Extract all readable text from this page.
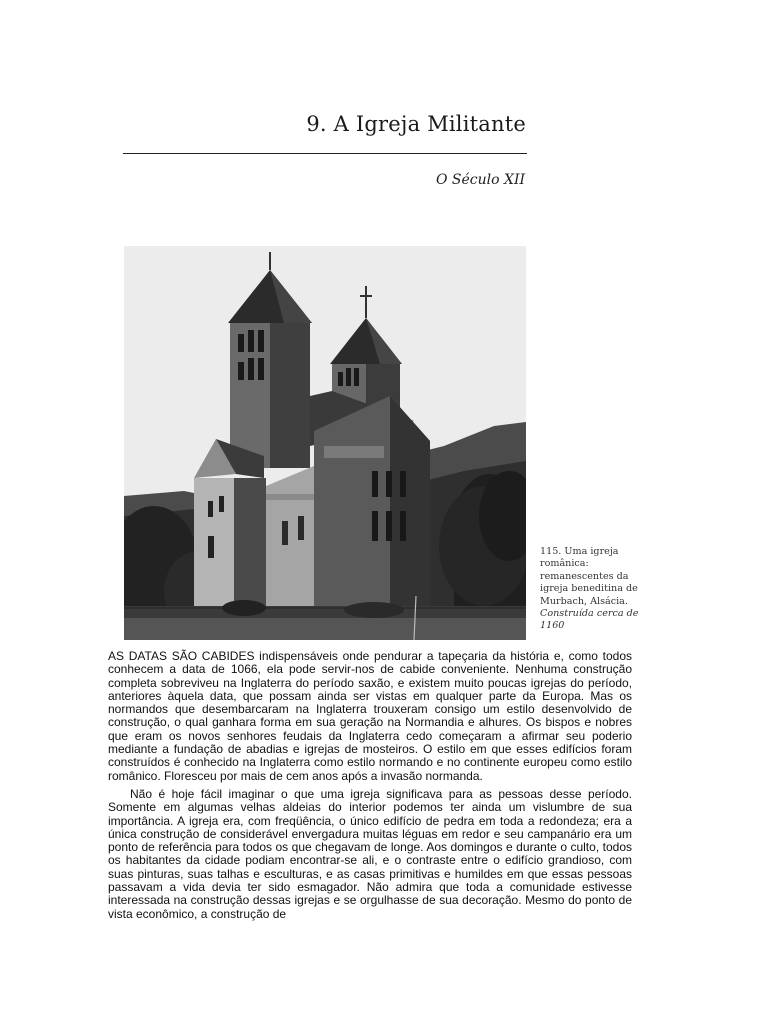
9. A Igreja Militante
O Século XII
115. Uma igreja românica: remanescentes da igreja beneditina de Murbach, Alsácia.
Construída cerca de 1160

AS DATAS SÃO CABIDES indispensáveis onde pendurar a tapeçaria da história e, como todos conhecem a data de 1066, ela pode servir-nos de cabide conveniente. Nenhuma construção completa sobreviveu na Inglaterra do período saxão, e existem muito poucas igrejas do período, anteriores àquela data, que possam ainda ser vistas em qualquer parte da Europa. Mas os normandos que desembarcaram na Inglaterra trouxeram consigo um estilo desenvolvido de construção, o qual ganhara forma em sua geração na Normandia e alhures. Os bispos e nobres que eram os novos senhores feudais da Inglaterra cedo começaram a afirmar seu poderio mediante a fundação de abadias e igrejas de mosteiros. O estilo em que esses edifícios foram construídos é conhecido na Inglaterra como estilo normando e no continente europeu como estilo românico. Floresceu por mais de cem anos após a invasão normanda.

Não é hoje fácil imaginar o que uma igreja significava para as pessoas desse período. Somente em algumas velhas aldeias do interior podemos ter ainda um vislumbre de sua importância. A igreja era, com freqüência, o único edifício de pedra em toda a redondeza; era a única construção de considerável envergadura muitas léguas em redor e seu campanário era um ponto de referência para todos os que chegavam de longe. Aos domingos e durante o culto, todos os habitantes da cidade podiam encontrar-se ali, e o contraste entre o edifício grandioso, com suas pinturas, suas talhas e esculturas, e as casas primitivas e humildes em que essas pessoas passavam a vida devia ter sido esmagador. Não admira que toda a comunidade estivesse interessada na construção dessas igrejas e se orgulhasse de sua decoração. Mesmo do ponto de vista econômico, a construção de
